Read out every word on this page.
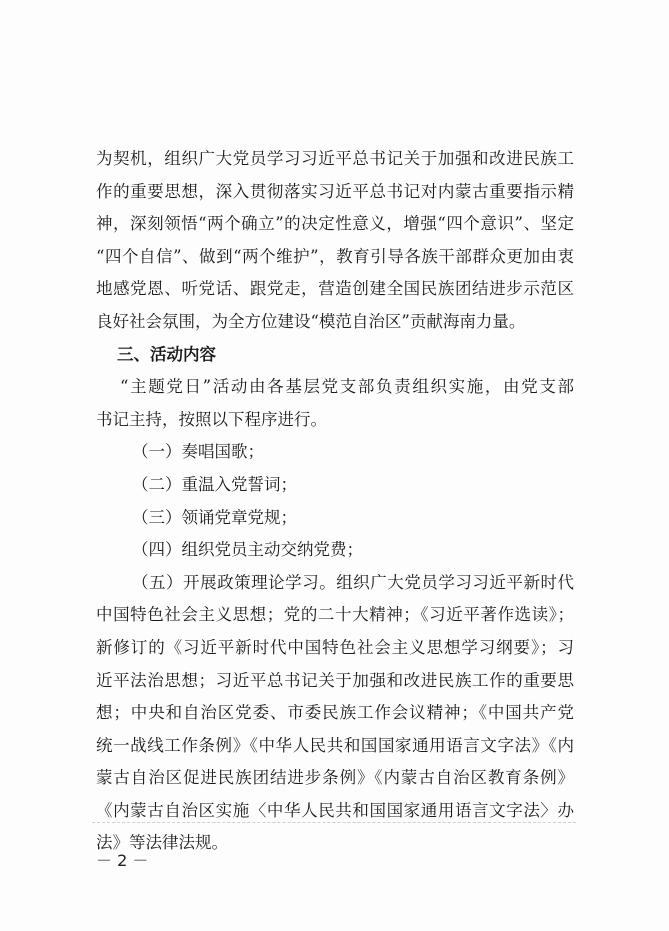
为契机，组织广大党员学习习近平总书记关于加强和改进民族工
作的重要思想，深入贯彻落实习近平总书记对内蒙古重要指示精
神，深刻领悟“两个确立”的决定性意义，增强“四个意识”、坚定
“四个自信”、做到“两个维护”，教育引导各族干部群众更加由衷
地感党恩、听党话、跟党走，营造创建全国民族团结进步示范区
良好社会氛围，为全方位建设“模范自治区”贡献海南力量。
三、活动内容
“主题党日”活动由各基层党支部负责组织实施，由党支部
书记主持，按照以下程序进行。
（一）奏唱国歌；
（二）重温入党誓词；
（三）领诵党章党规；
（四）组织党员主动交纳党费；
（五）开展政策理论学习。组织广大党员学习习近平新时代
中国特色社会主义思想；党的二十大精神；《习近平著作选读》；
新修订的《习近平新时代中国特色社会主义思想学习纲要》；习
近平法治思想；习近平总书记关于加强和改进民族工作的重要思
想；中央和自治区党委、市委民族工作会议精神；《中国共产党
统一战线工作条例》《中华人民共和国国家通用语言文字法》《内
蒙古自治区促进民族团结进步条例》《内蒙古自治区教育条例》
《内蒙古自治区实施〈中华人民共和国国家通用语言文字法〉办
法》等法律法规。
－ 2 －
